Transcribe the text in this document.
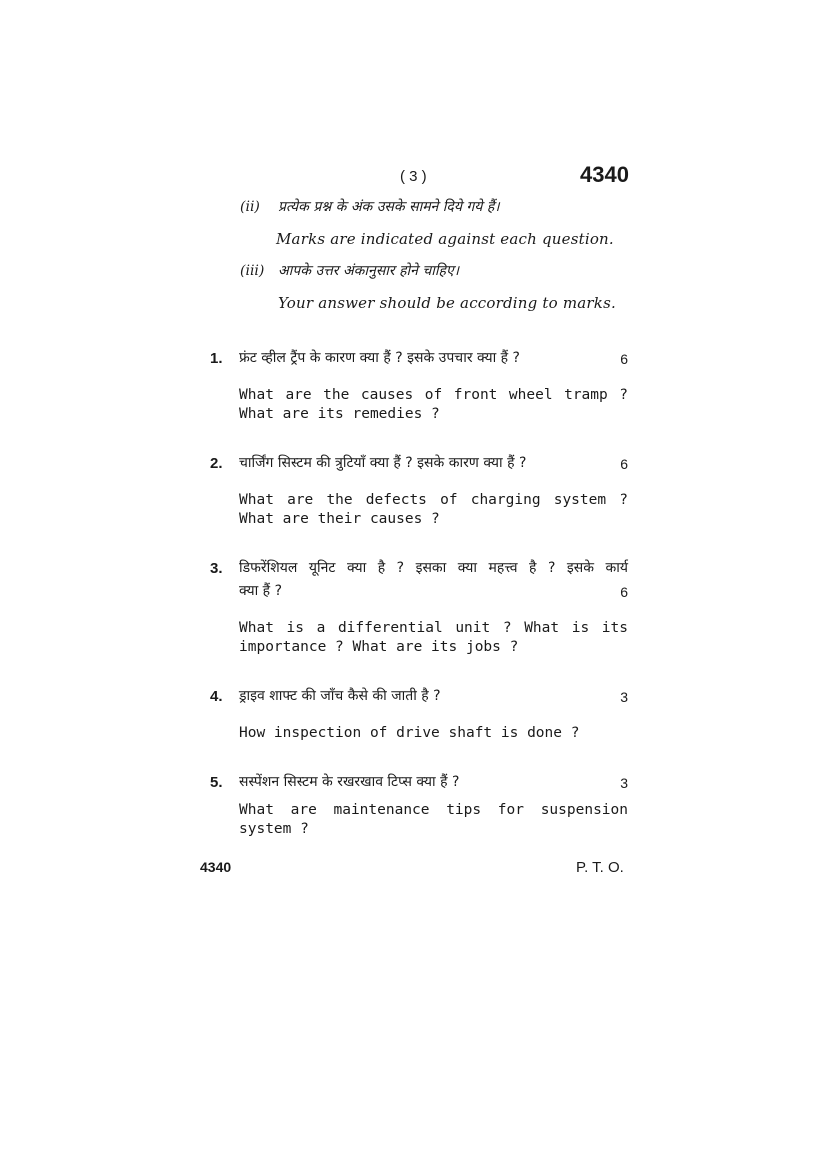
( 3 )	4340
(ii) प्रत्येक प्रश्न के अंक उसके सामने दिये गये हैं।
Marks are indicated against each question.
(iii) आपके उत्तर अंकानुसार होने चाहिए।
Your answer should be according to marks.
1. फ्रंट व्हील ट्रैंप के कारण क्या हैं ? इसके उपचार क्या हैं ?	6
What are the causes of front wheel tramp ? What are its remedies ?
2. चार्जिंग सिस्टम की त्रुटियाँ क्या हैं ? इसके कारण क्या हैं ?	6
What are the defects of charging system ? What are their causes ?
3. डिफरेंशियल यूनिट क्या है ? इसका क्या महत्त्व है ? इसके कार्य
क्या हैं ?	6
What is a differential unit ? What is its importance ? What are its jobs ?
4. ड्राइव शाफ्ट की जाँच कैसे की जाती है ?	3
How inspection of drive shaft is done ?
5. सस्पेंशन सिस्टम के रखरखाव टिप्स क्या हैं ?	3
What are maintenance tips for suspension system ?
4340	P. T. O.
